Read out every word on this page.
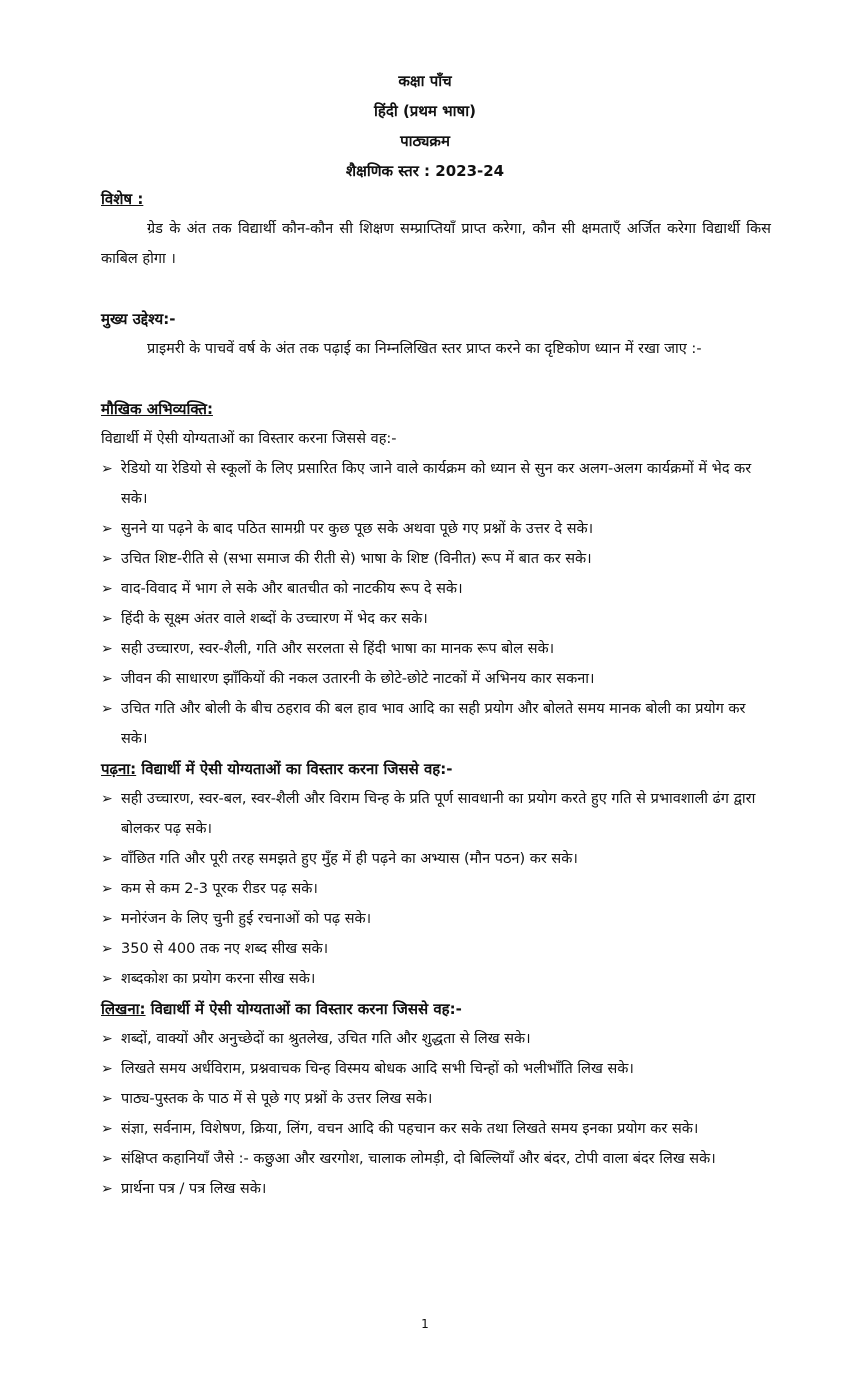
कक्षा पाँच
हिंदी (प्रथम भाषा)
पाठ्यक्रम
शैक्षणिक स्तर : 2023-24
विशेष :

ग्रेड के अंत तक विद्यार्थी कौन-कौन सी शिक्षण सम्प्राप्तियाँ प्राप्त करेगा, कौन सी क्षमताएँ अर्जित करेगा विद्यार्थी किस काबिल होगा ।

मुख्य उद्देश्य:-

प्राइमरी के पाचवें वर्ष के अंत तक पढ़ाई का निम्नलिखित स्तर प्राप्त करने का दृष्टिकोण ध्यान में रखा जाए :-

मौखिक अभिव्यक्ति:

विद्यार्थी में ऐसी योग्यताओं का विस्तार करना जिससे वह:-

➢ रेडियो या रेडियो से स्कूलों के लिए प्रसारित किए जाने वाले कार्यक्रम को ध्यान से सुन कर अलग-अलग कार्यक्रमों में भेद कर सके।
➢ सुनने या पढ़ने के बाद पठित सामग्री पर कुछ पूछ सके अथवा पूछे गए प्रश्नों के उत्तर दे सके।
➢ उचित शिष्ट-रीति से (सभा समाज की रीती से) भाषा के शिष्ट (विनीत) रूप में बात कर सके।
➢ वाद-विवाद में भाग ले सके और बातचीत को नाटकीय रूप दे सके।
➢ हिंदी के सूक्ष्म अंतर वाले शब्दों के उच्चारण में भेद कर सके।
➢ सही उच्चारण, स्वर-शैली, गति और सरलता से हिंदी भाषा का मानक रूप बोल सके।
➢ जीवन की साधारण झाँकियों की नकल उतारनी के छोटे-छोटे नाटकों में अभिनय कार सकना।
➢ उचित गति और बोली के बीच ठहराव की बल हाव भाव आदि का सही प्रयोग और बोलते समय मानक बोली का प्रयोग कर सके।
पढ़ना: विद्यार्थी में ऐसी योग्यताओं का विस्तार करना जिससे वह:-
➢ सही उच्चारण, स्वर-बल, स्वर-शैली और विराम चिन्ह के प्रति पूर्ण सावधानी का प्रयोग करते हुए गति से प्रभावशाली ढंग द्वारा बोलकर पढ़ सके।
➢ वाँछित गति और पूरी तरह समझते हुए मुँह में ही पढ़ने का अभ्यास (मौन पठन) कर सके।
➢ कम से कम 2-3 पूरक रीडर पढ़ सके।
➢ मनोरंजन के लिए चुनी हुई रचनाओं को पढ़ सके।
➢ 350 से 400 तक नए शब्द सीख सके।
➢ शब्दकोश का प्रयोग करना सीख सके।
लिखना: विद्यार्थी में ऐसी योग्यताओं का विस्तार करना जिससे वह:-
➢ शब्दों, वाक्यों और अनुच्छेदों का श्रुतलेख, उचित गति और शुद्धता से लिख सके।
➢ लिखते समय अर्धविराम, प्रश्नवाचक चिन्ह विस्मय बोधक आदि सभी चिन्हों को भलीभाँति लिख सके।
➢ पाठ्य-पुस्तक के पाठ में से पूछे गए प्रश्नों के उत्तर लिख सके।
➢ संज्ञा, सर्वनाम, विशेषण, क्रिया, लिंग, वचन आदि की पहचान कर सके तथा लिखते समय इनका प्रयोग कर सके।
➢ संक्षिप्त कहानियाँ जैसे :- कछुआ और खरगोश, चालाक लोमड़ी, दो बिल्लियाँ और बंदर, टोपी वाला बंदर लिख सके।
➢ प्रार्थना पत्र / पत्र लिख सके।
1
